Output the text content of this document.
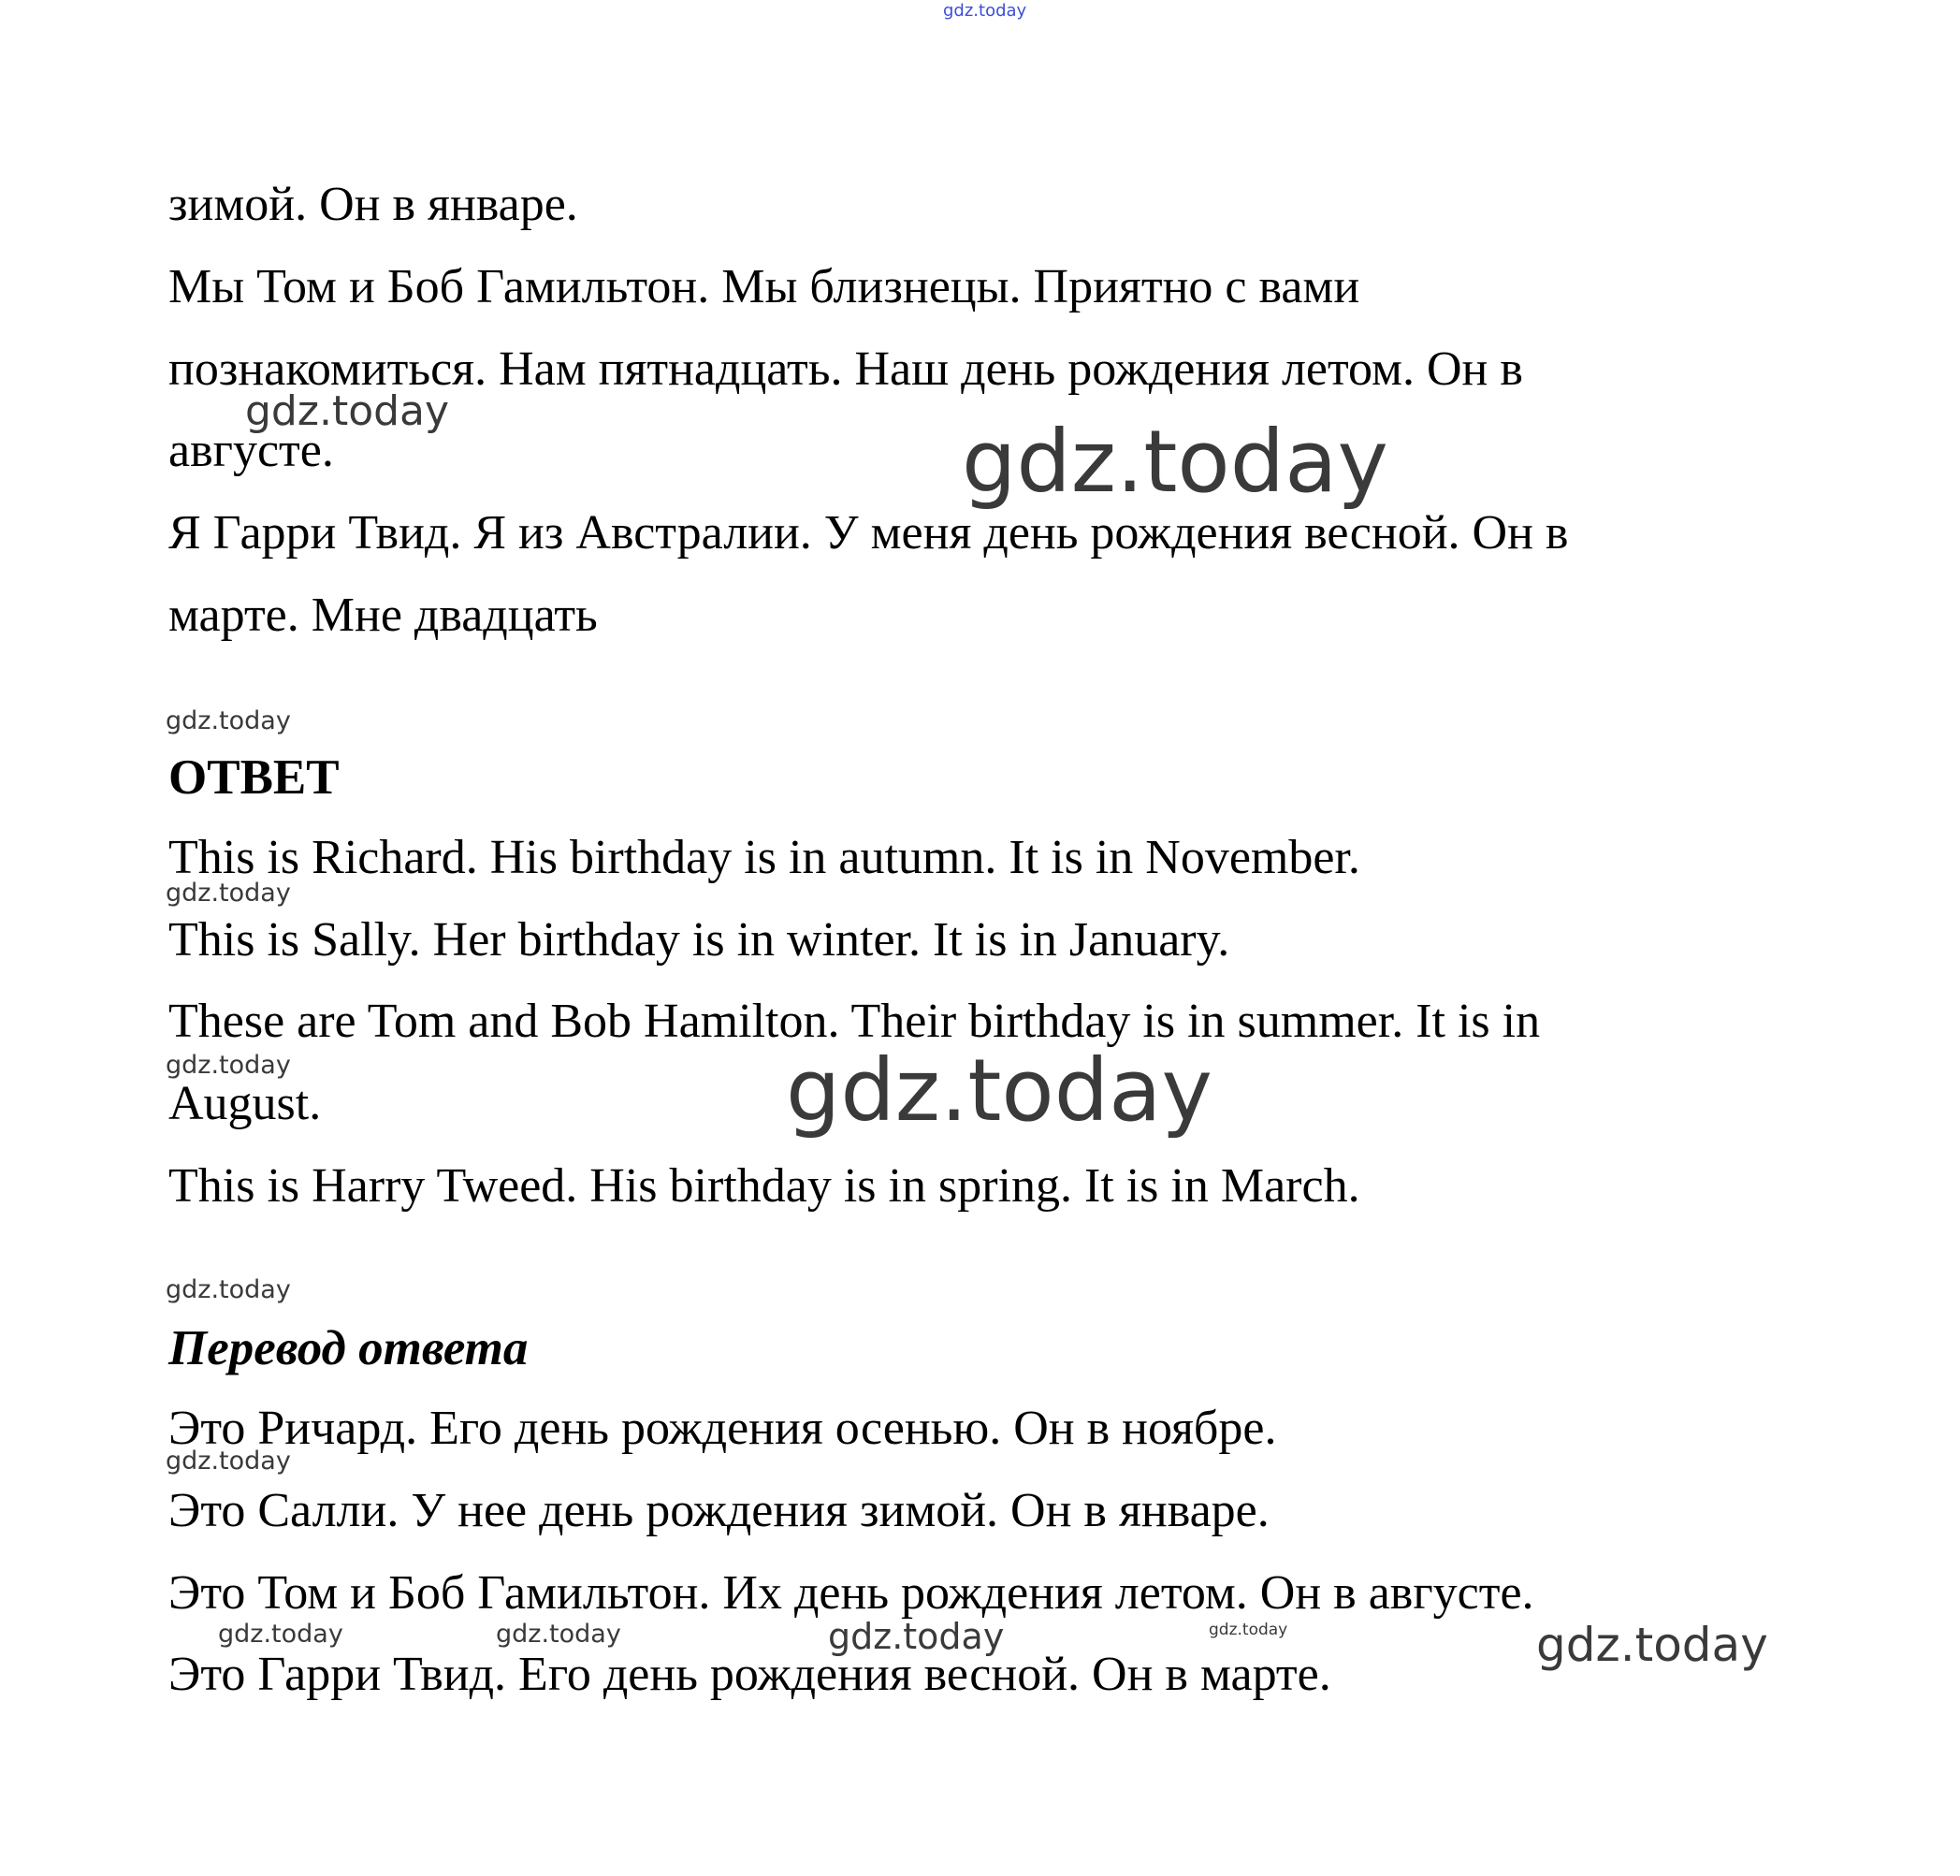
зимой. Он в январе.
Мы Том и Боб Гамильтон. Мы близнецы. Приятно с вами
познакомиться. Нам пятнадцать. Наш день рождения летом. Он в
августе.
Я Гарри Твид. Я из Австралии. У меня день рождения весной. Он в
марте. Мне двадцать
ОТВЕТ
This is Richard. His birthday is in autumn. It is in November.
This is Sally. Her birthday is in winter. It is in January.
These are Tom and Bob Hamilton. Their birthday is in summer. It is in
August.
This is Harry Tweed. His birthday is in spring. It is in March.
Перевод ответа
Это Ричард. Его день рождения осенью. Он в ноябре.
Это Салли. У нее день рождения зимой. Он в январе.
Это Том и Боб Гамильтон. Их день рождения летом. Он в августе.
Это Гарри Твид. Его день рождения весной. Он в марте.
gdz.today
gdz.today
gdz.today
gdz.today
gdz.today
gdz.today	gdz.today
gdz.today
gdz.today
gdz.today	gdz.today	gdz.today	gdz.today	gdz.today
